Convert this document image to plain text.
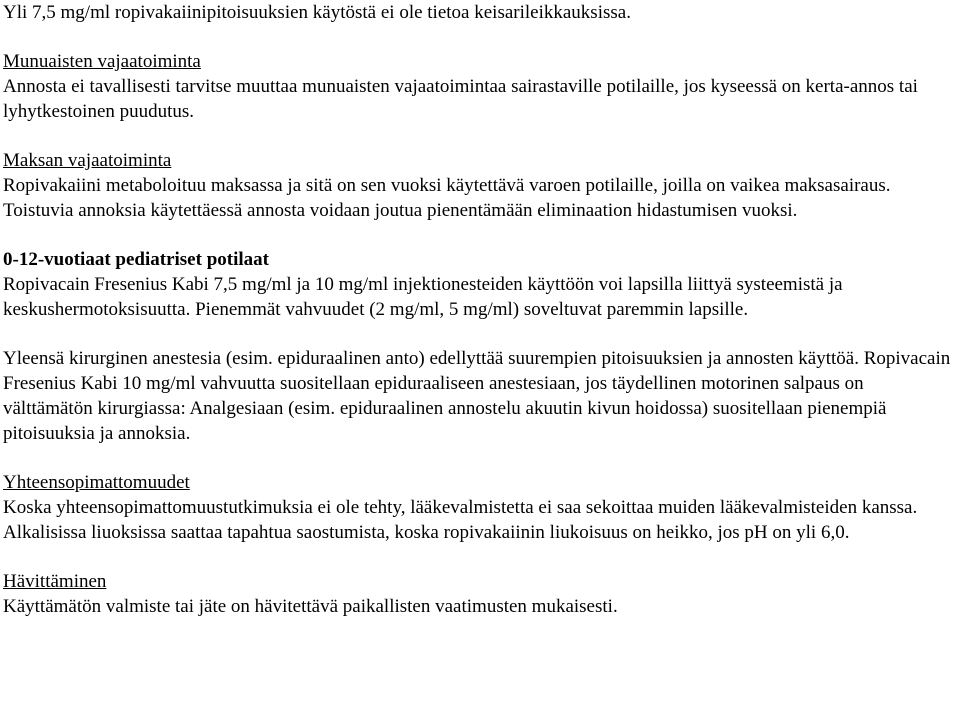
Yli 7,5 mg/ml ropivakaiinipitoisuuksien käytöstä ei ole tietoa keisarileikkauksissa.

Munuaisten vajaatoiminta

Annosta ei tavallisesti tarvitse muuttaa munuaisten vajaatoimintaa sairastaville potilaille, jos kyseessä on kerta-annos tai lyhytkestoinen puudutus.

Maksan vajaatoiminta

Ropivakaiini metaboloituu maksassa ja sitä on sen vuoksi käytettävä varoen potilaille, joilla on vaikea maksasairaus. Toistuvia annoksia käytettäessä annosta voidaan joutua pienentämään eliminaation hidastumisen vuoksi.

0-12-vuotiaat pediatriset potilaat

Ropivacain Fresenius Kabi 7,5 mg/ml ja 10 mg/ml injektionesteiden käyttöön voi lapsilla liittyä systeemistä ja keskushermotoksisuutta. Pienemmät vahvuudet (2 mg/ml, 5 mg/ml) soveltuvat paremmin lapsille.

Yleensä kirurginen anestesia (esim. epiduraalinen anto) edellyttää suurempien pitoisuuksien ja annosten käyttöä. Ropivacain Fresenius Kabi 10 mg/ml vahvuutta suositellaan epiduraaliseen anestesiaan, jos täydellinen motorinen salpaus on välttämätön kirurgiassa: Analgesiaan (esim. epiduraalinen annostelu akuutin kivun hoidossa) suositellaan pienempiä pitoisuuksia ja annoksia.

Yhteensopimattomuudet

Koska yhteensopimattomuustutkimuksia ei ole tehty, lääkevalmistetta ei saa sekoittaa muiden lääkevalmisteiden kanssa.

Alkalisissa liuoksissa saattaa tapahtua saostumista, koska ropivakaiinin liukoisuus on heikko, jos pH on yli 6,0.

Hävittäminen

Käyttämätön valmiste tai jäte on hävitettävä paikallisten vaatimusten mukaisesti.
